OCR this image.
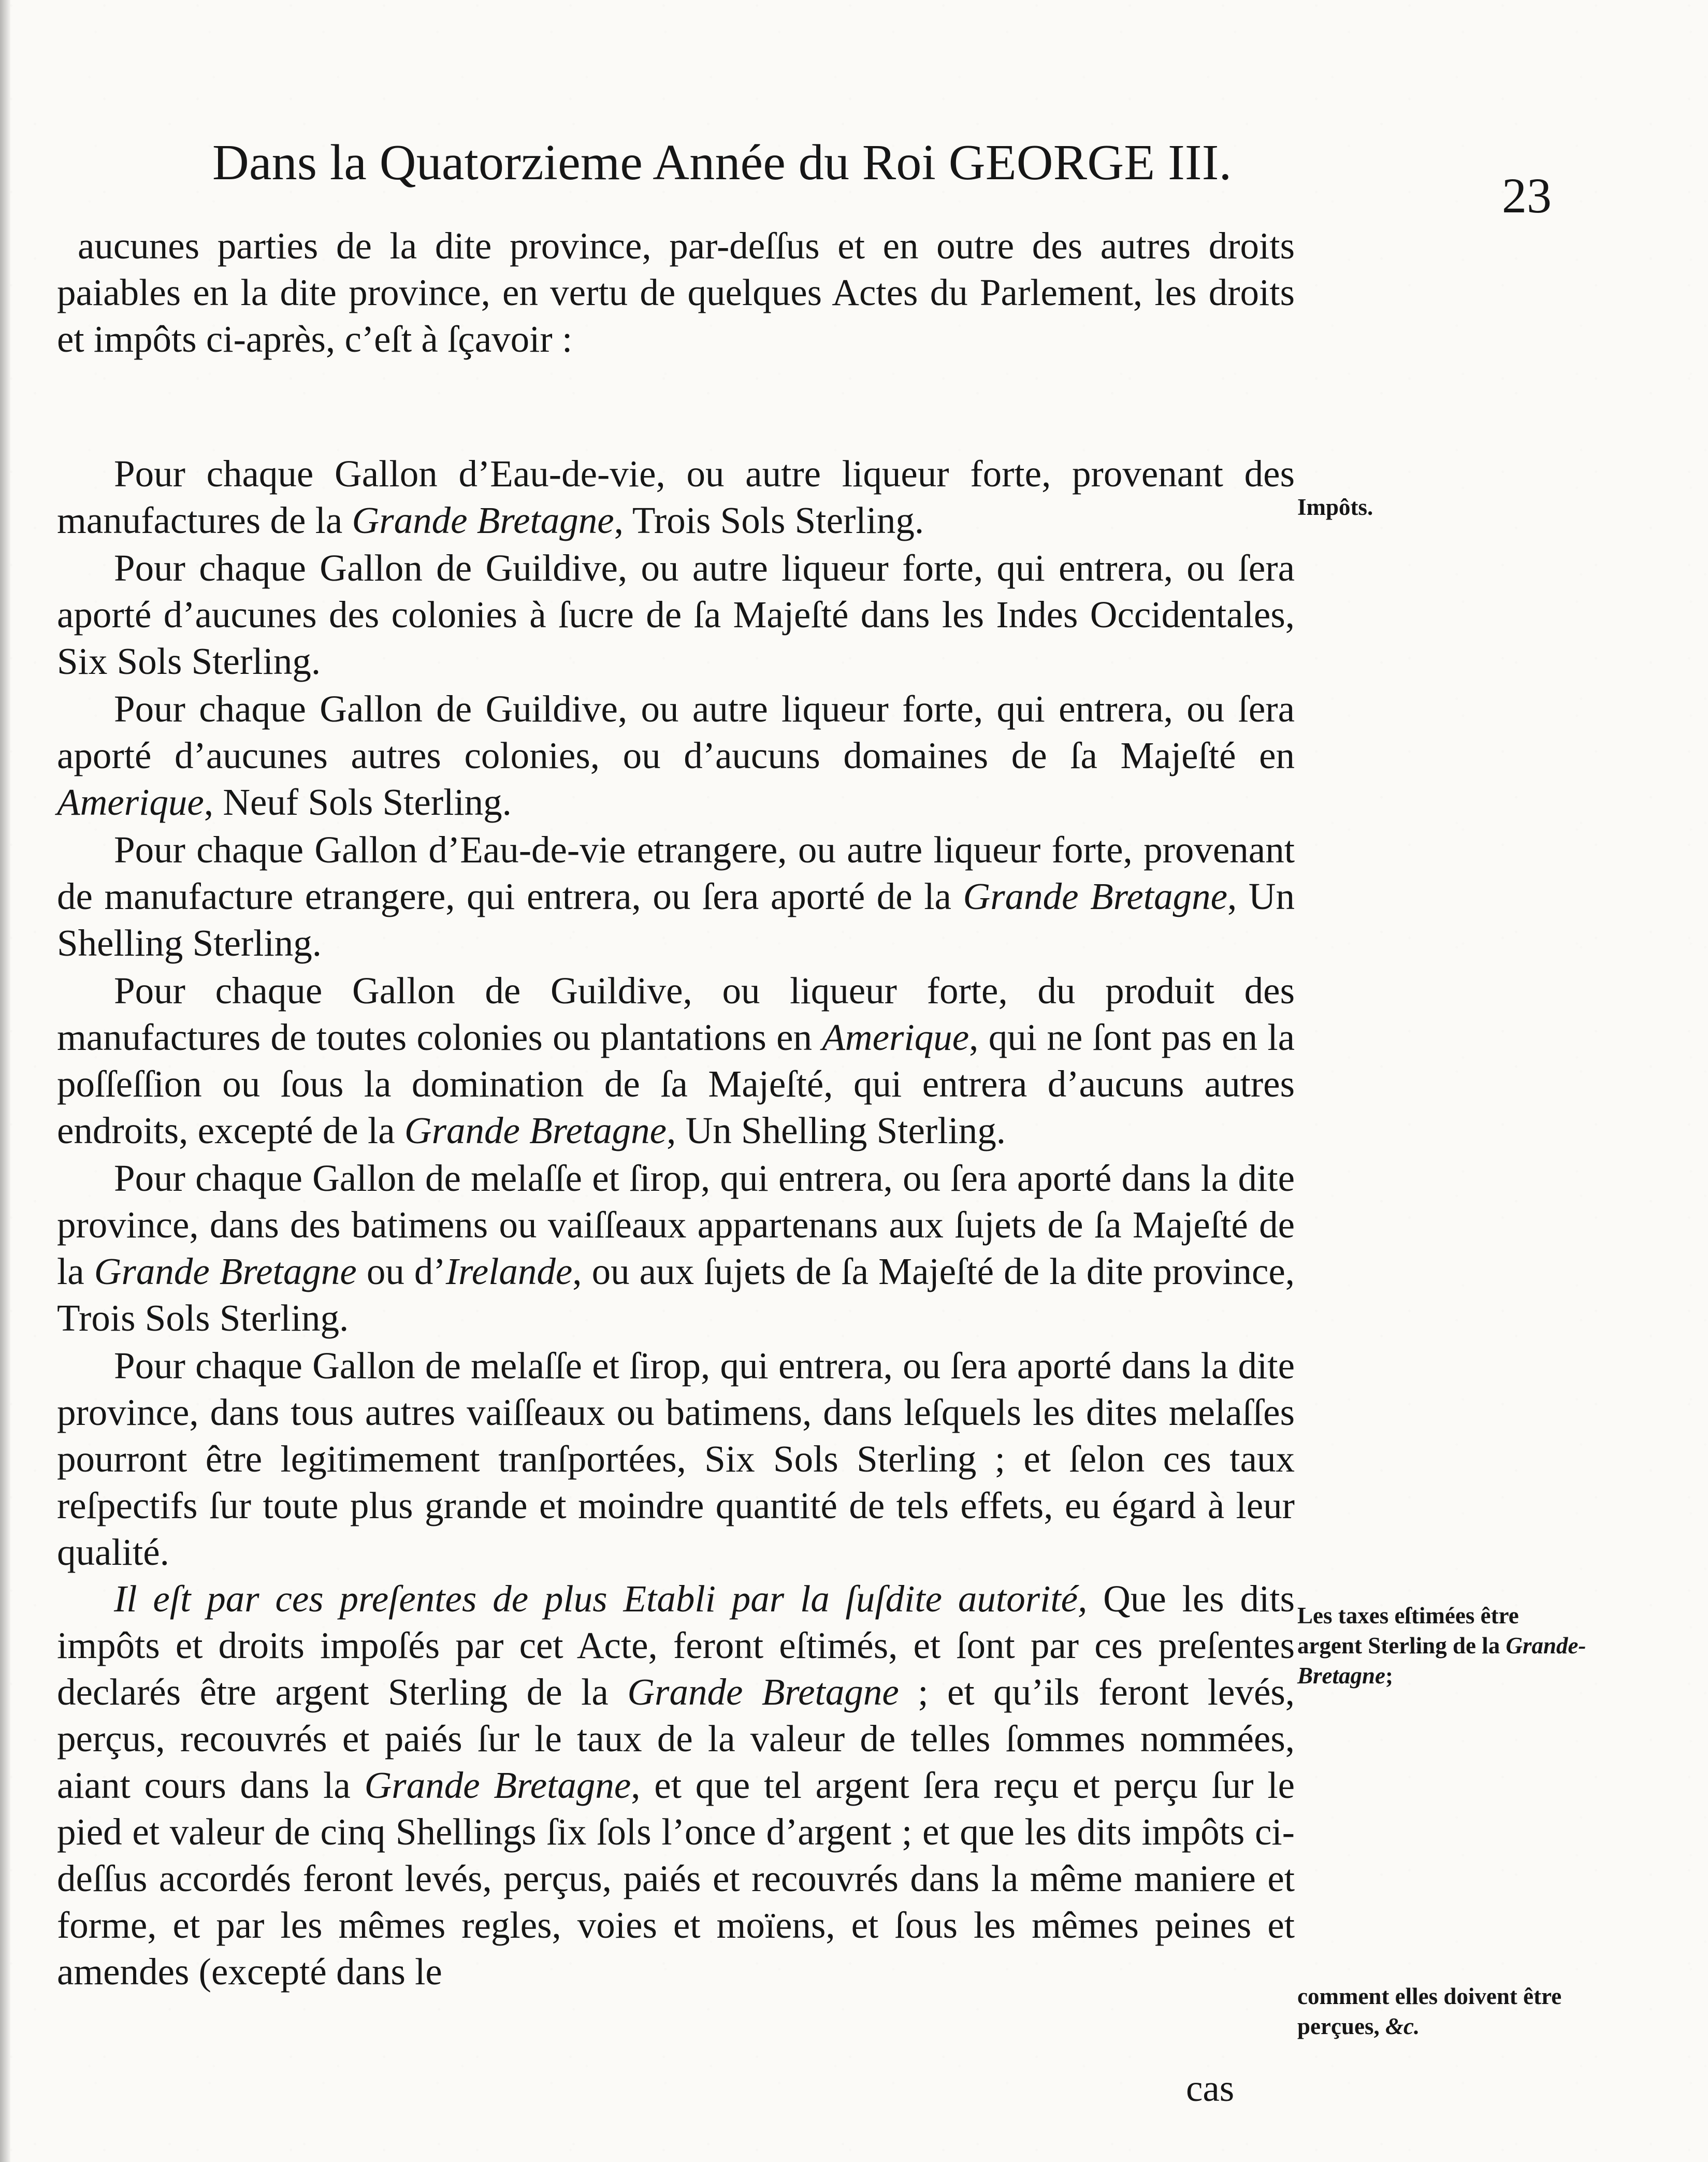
Dans la Quatorzieme Année du Roi GEORGE III.
23

aucunes parties de la dite province, par-deſſus et en outre des autres droits paiables en la dite province, en vertu de quelques Actes du Parlement, les droits et impôts ci-après, c’eſt à ſçavoir :

Pour chaque Gallon d’Eau-de-vie, ou autre liqueur forte, provenant des manufactures de la Grande Bretagne, Trois Sols Sterling.

Pour chaque Gallon de Guildive, ou autre liqueur forte, qui entrera, ou ſera aporté d’aucunes des colonies à ſucre de ſa Majeſté dans les Indes Occidentales, Six Sols Sterling.

Pour chaque Gallon de Guildive, ou autre liqueur forte, qui entrera, ou ſera aporté d’aucunes autres colonies, ou d’aucuns domaines de ſa Majeſté en Amerique, Neuf Sols Sterling.

Pour chaque Gallon d’Eau-de-vie etrangere, ou autre liqueur forte, provenant de manufacture etrangere, qui entrera, ou ſera aporté de la Grande Bretagne, Un Shelling Sterling.

Pour chaque Gallon de Guildive, ou liqueur forte, du produit des manufactures de toutes colonies ou plantations en Amerique, qui ne ſont pas en la poſſeſſion ou ſous la domination de ſa Majeſté, qui entrera d’aucuns autres endroits, excepté de la Grande Bretagne, Un Shelling Sterling.

Pour chaque Gallon de melaſſe et ſirop, qui entrera, ou ſera aporté dans la dite province, dans des batimens ou vaiſſeaux appartenans aux ſujets de ſa Majeſté de la Grande Bretagne ou d’Irelande, ou aux ſujets de ſa Majeſté de la dite province, Trois Sols Sterling.

Pour chaque Gallon de melaſſe et ſirop, qui entrera, ou ſera aporté dans la dite province, dans tous autres vaiſſeaux ou batimens, dans leſquels les dites melaſſes pourront être legitimement tranſportées, Six Sols Sterling ; et ſelon ces taux reſpectifs ſur toute plus grande et moindre quantité de tels effets, eu égard à leur qualité.

Il eſt par ces preſentes de plus Etabli par la ſuſdite autorité, Que les dits impôts et droits impoſés par cet Acte, feront eſtimés, et ſont par ces preſentes declarés être argent Sterling de la Grande Bretagne ; et qu’ils feront levés, perçus, recouvrés et paiés ſur le taux de la valeur de telles ſommes nommées, aiant cours dans la Grande Bretagne, et que tel argent ſera reçu et perçu ſur le pied et valeur de cinq Shellings ſix ſols l’once d’argent ; et que les dits impôts ci-deſſus accordés feront levés, perçus, paiés et recouvrés dans la même maniere et forme, et par les mêmes regles, voies et moïens, et ſous les mêmes peines et amendes (excepté dans le

cas
Impôts.
Les taxes eſtimées être argent Sterling de la Grande-Bretagne;
comment elles doivent être perçues, &c.
